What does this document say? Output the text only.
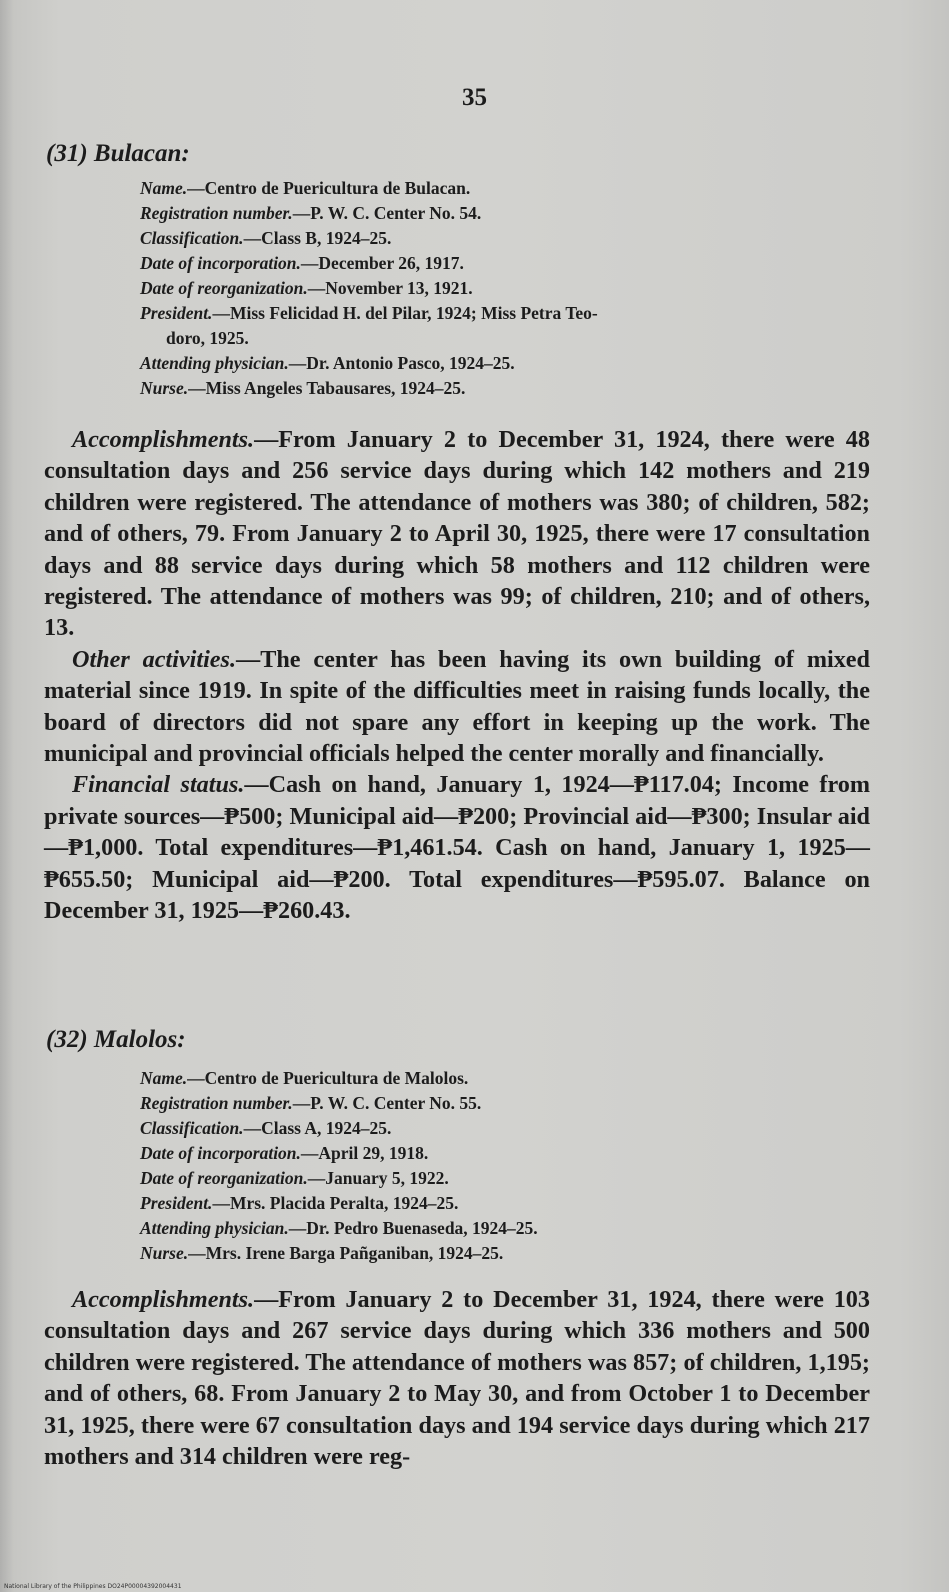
35
(31) Bulacan:

Name.—Centro de Puericultura de Bulacan.

Registration number.—P. W. C. Center No. 54.

Classification.—Class B, 1924–25.

Date of incorporation.—December 26, 1917.

Date of reorganization.—November 13, 1921.

President.—Miss Felicidad H. del Pilar, 1924; Miss Petra Teo-

doro, 1925.

Attending physician.—Dr. Antonio Pasco, 1924–25.

Nurse.—Miss Angeles Tabausares, 1924–25.

Accomplishments.—From January 2 to December 31, 1924, there were 48 consultation days and 256 service days during which 142 mothers and 219 children were registered. The attendance of mothers was 380; of children, 582; and of others, 79. From January 2 to April 30, 1925, there were 17 consultation days and 88 service days during which 58 mothers and 112 children were registered. The attendance of mothers was 99; of children, 210; and of others, 13.

Other activities.—The center has been having its own building of mixed material since 1919. In spite of the difficulties meet in raising funds locally, the board of directors did not spare any effort in keeping up the work. The municipal and provincial officials helped the center morally and financially.

Financial status.—Cash on hand, January 1, 1924—₱117.04; Income from private sources—₱500; Municipal aid—₱200; Provincial aid—₱300; Insular aid—₱1,000. Total expenditures—₱1,461.54. Cash on hand, January 1, 1925—₱655.50; Municipal aid—₱200. Total expenditures—₱595.07. Balance on December 31, 1925—₱260.43.

(32) Malolos:

Name.—Centro de Puericultura de Malolos.

Registration number.—P. W. C. Center No. 55.

Classification.—Class A, 1924–25.

Date of incorporation.—April 29, 1918.

Date of reorganization.—January 5, 1922.

President.—Mrs. Placida Peralta, 1924–25.

Attending physician.—Dr. Pedro Buenaseda, 1924–25.

Nurse.—Mrs. Irene Barga Pañganiban, 1924–25.

Accomplishments.—From January 2 to December 31, 1924, there were 103 consultation days and 267 service days during which 336 mothers and 500 children were registered. The attendance of mothers was 857; of children, 1,195; and of others, 68. From January 2 to May 30, and from October 1 to December 31, 1925, there were 67 consultation days and 194 service days during which 217 mothers and 314 children were reg-

National Library of the Philippines DO24P00004392004431
